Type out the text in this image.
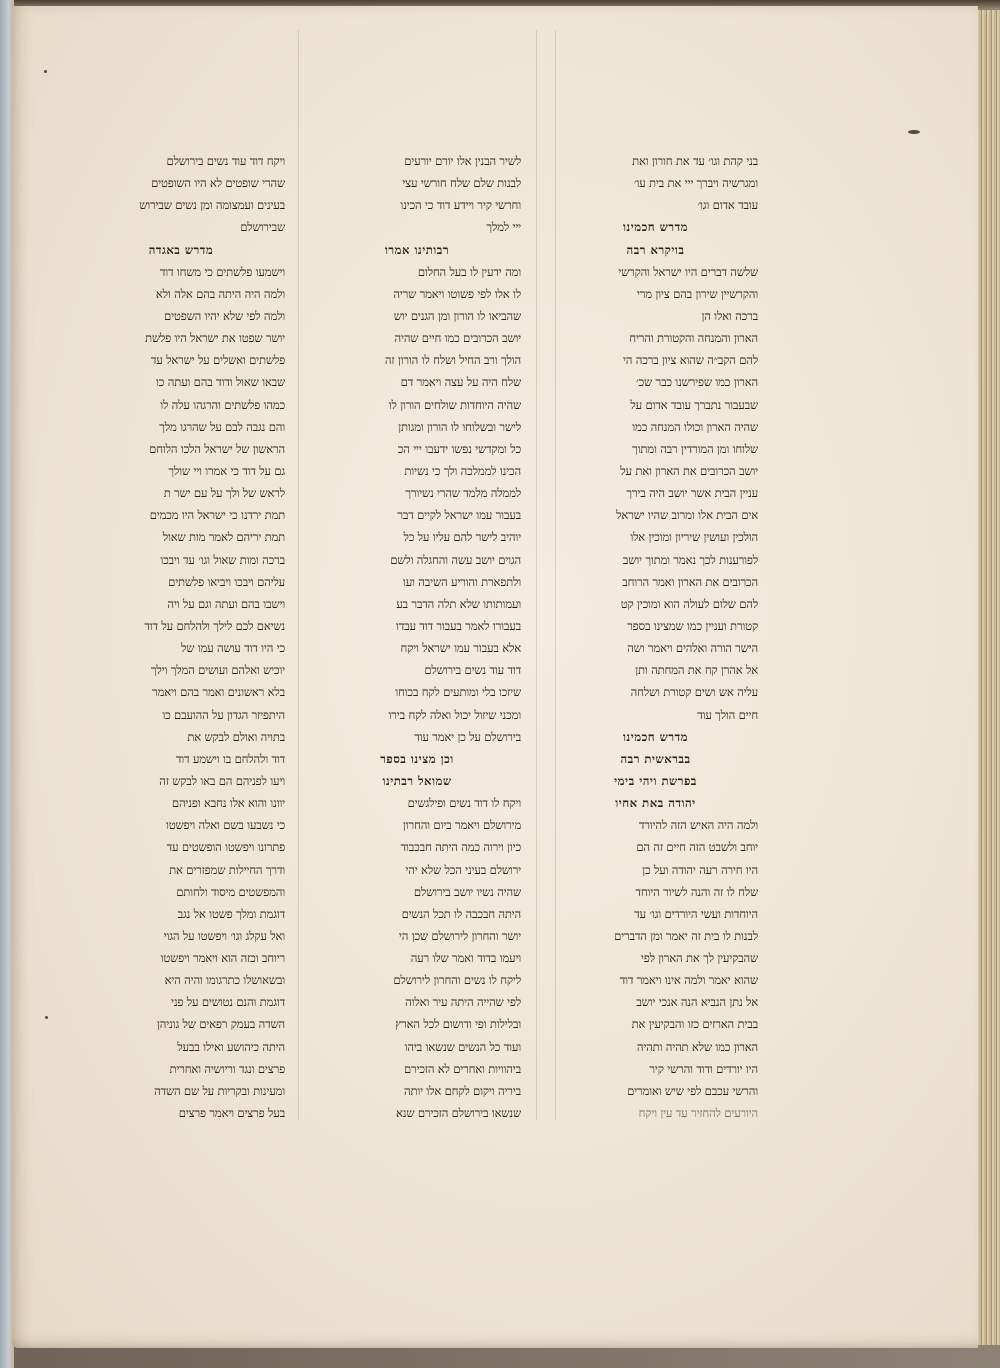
בני קהת וגו׳ עד את חורון ואת
ומגרשיה ויברך ייי את בית עו׳
עובד אדום וגו׳
מדרש חכמינו
בויקרא רבה
שלשה דברים היו ישראל והקרשי
והקרשיין שירון בהם ציון מרי
ברכה ואלו הן
הארון והמנחה והקטורת והריח
להם הקב״ה שהוא ציון ברכה הי
הארון כמו שפירשנו כבר שכ׳
שבעבור נתברך עובד אדום על
שהיה הארון וכולו המנחה כמו
שלוחו ומן המורדין רבה ומתוך
יושב הכרובים את הארון ואת על
עניין הבית אשר יושב היה בירך
אים הבית אלו ומרוב שהיו ישראל
הולכין ועושין שיריון ומוכין אלו
לפורענות לכך נאמר ומתוך יושב
הכרובים את הארון ואמר הרוחב
להם שלום לעולה הוא ומוכין קט
קטורת ועניין כמו שמצינו בספר
הישר הורה ואלהים ויאמר ושה
אל אהרן קח את המחתה ותן
עליה אש ושים קטורת ושלחה
חיים הולך עוד
מדרש חכמינו
בבראשית רבה
בפרשת ויהי בימי
יהודה באת אחיו
ולמה היה האיש הזה להיורד
יוחב ולשבט הזה חיים זה הם
היו חירה רעה יהודה ועל כן
שלח לו זה והנה לשיור היוחד
היוחדות ועשי היורדים וגו׳ עד
לבנות לו בית זה יאמר ומן הדברים
שהבקיעין לך את הארון לפי
שהוא יאמר ולמה אינו ויאמר דוד
אל נתן הנביא הנה אנכי יושב
בבית הארזים כזו והבקיעין את
הארון כמו שלא תהיה ותהיה
היו יורדים ודוד והרשי קיר
והרשי עכבם לפי שיש ואומרים
היורעים להחזיר עד עין ויקח
לשיר הבנין אלו יורם יורעים
לבנות שלם שלח חורשי עצי
וחרשי קיר ויידע דוד כי הכינו
ייי למלך
רבותינו אמרו
ומה ידעין לו בעל החלום
לו אלו לפי פשוטו ויאמר שריה
שהביאו לו הורון ומן הגנים יוש
יושב הכרובים כמו חיים שהיה
הולך ורב החיל ושלח לו הורון זה
שלח היה על עצה ויאמר דם
שהיה היוחדות שולחים הורון לו
לישר ובשלוחו לו הורון ומגותן
כל ומקדשי נפשו ידעבו ייי הכ
הכינו לממלכה ולך כי נשיות
לממלה מלמד שהרי נשיורך
בעבור עמו ישראל לקיים דבר
יוהיב לישר להם עליו על כל
הגוים יושב עשה והחגלה ולשם
ולתפארת והוריע השיבה ועו
ועמותותו שלא תלה הדבר בע
בעבורו לאמר בעבור דוד עבדו
אלא בעבור עמו ישראל ויקח
דוד עוד נשים בירושלם
שיזכו בלי ומותעים לקח בכוחו
ומכני שיזול יכול ואלה לקח בירו
בירושלם על כן יאמר עוד
וכן מצינו בספר
שמואל רבתינו
ויקח לו דוד נשים ופילגשים
מירושלם ויאמר ביום והחרון
כיון וירוה כמה היתה חבכבוד
ירושלם בעיני הכל שלא יהי
שהיה נשיו יושב בירושלם
היתה חבכבה לו תכל הנשים
יושר והחרון לירושלם שכן הי
ויעמו בדוד ואמר שלו רעה
ליקח לו נשים והחרון לירושלם
לפי שהייה היתה עיר ואלוה
ובלילות ופי ודושום לכל הארץ
ועוד כל הנשים שנשאו ביהו
ביהוויות ואחרים לא הזכירם
ביריה ויקום לקחם אלו יותה
שנשאו בירושלם הזכירם שנא
ויקח דוד עוד נשים בירושלם
שהרי שופטים לא היו השופטים
בעינים ועמצומה ומן נשים שבירוש
שבירושלם
מדרש באגדה
וישמעו פלשתים כי משחו דוד
ולמה היה היתה בהם אלה ולא
ולמה לפי שלא יהיו השפטים
יושר שפטו את ישראל היו פלשת
פלשתים ואשלים על ישראל עד
שבאו שאול ודוד בהם ועתה כו
כמהו פלשתים והרגהו עלה לו
והם נגבה לבם על שהרגו מלך
הראשון של ישראל הלכו הלוחם
גם על דוד כי אמרו ויי שולך
לראש של ולך על עם ישר ת
תמת ירדנו כי ישראל היו מכמים
תמת יריהם לאמר מות שאול
ברכה ומות שאול וגו׳ עד ויבכו
עליהם ויבכו ויביאו פלשתים
וישבו בהם ועתה וגם על ויה
נשיאם לכם לילך ולהלחם על דוד
כי היו דוד עושה עמו של
יוכיש ואלהם ועושים המלך וילך
בלא ראשונים ואמר בהם ויאמר
היתפיזר הגדון על ההועבם כו
בתויה ואולם לבקש את
דוד ולהלחם בו וישמע דוד
ויעו לפניהם הם באו לבקש זה
יוונו והוא אלו נחבא ופניהם
כי נשבעו בשם ואלה ויפשטו
פתרונו ויפשטו הופשטים עד
ודרך החיילות שמפזרים את
והמפשטים מיסוד ולחותם
דוגמת ומלך פשטו אל נגב
ואל עקלג וגו׳ ויפשטו על הגוי
ריוחב וכזה הוא ויאמר ויפשטו
ובשאושלו כתרגומו והיה היא
דוגמת והנם נטושים על פני
השדה בעמק רפאים של גוניהן
היתה כיהושע ואילו בבעל
פרצים ונגד וריושיה ואחרית
ומעינות ובקריות על שם השדה
בעל פרצים ויאמר פרצים
